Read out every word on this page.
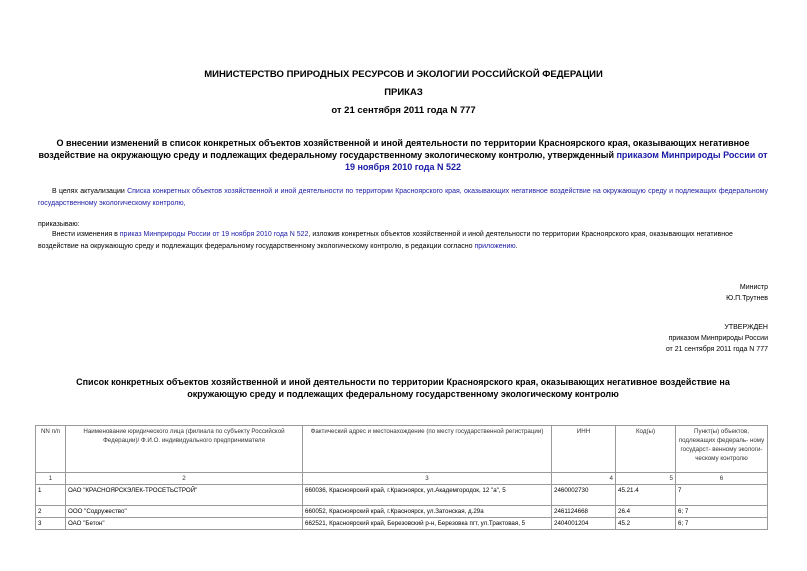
МИНИСТЕРСТВО ПРИРОДНЫХ РЕСУРСОВ И ЭКОЛОГИИ РОССИЙСКОЙ ФЕДЕРАЦИИ
ПРИКАЗ
от 21 сентября 2011 года N 777
О внесении изменений в список конкретных объектов хозяйственной и иной деятельности по территории Красноярского края, оказывающих негативное воздействие на окружающую среду и подлежащих федеральному государственному экологическому контролю, утвержденный приказом Минприроды России от 19 ноября 2010 года N 522
В целях актуализации Списка конкретных объектов хозяйственной и иной деятельности по территории Красноярского края, оказывающих негативное воздействие на окружающую среду и подлежащих федеральному государственному экологическому контролю,
приказываю:
Внести изменения в приказ Минприроды России от 19 ноября 2010 года N 522, изложив конкретных объектов хозяйственной и иной деятельности по территории Красноярского края, оказывающих негативное воздействие на окружающую среду и подлежащих федеральному государственному экологическому контролю, в редакции согласно приложению.
Министр
Ю.П.Трутнев
УТВЕРЖДЕН
приказом Минприроды России
от 21 сентября 2011 года N 777
Список конкретных объектов хозяйственной и иной деятельности по территории Красноярского края, оказывающих негативное воздействие на окружающую среду и подлежащих федеральному государственному экологическому контролю
NN п/п	Наименование юридического лица (филиала по субъекту Российской Федерации)/ Ф.И.О. индивидуального предпринимателя	Фактический адрес и местонахождение (по месту государственной регистрации)	ИНН	Код(ы)	Пункт(ы) объектов, подлежащих федераль- ному государст- венному экологи- ческому контролю
1	2	3	4	5	6
1	ОАО "КРАСНОЯРСКЭЛЕК-ТРОСЕТЬСТРОЙ"	660036, Красноярский край, г.Красноярск, ул.Академгородок, 12 "а", 5	2460002730	45.21.4	7
2	ООО "Содружество"	660052, Красноярский край, г.Красноярск, ул.Затонская, д.29а	2461124668	26.4	6; 7
3	ОАО "Бетон"	662521, Красноярский край, Березовский р-н, Березовка пгт, ул.Трактовая, 5	2404001204	45.2	6; 7
